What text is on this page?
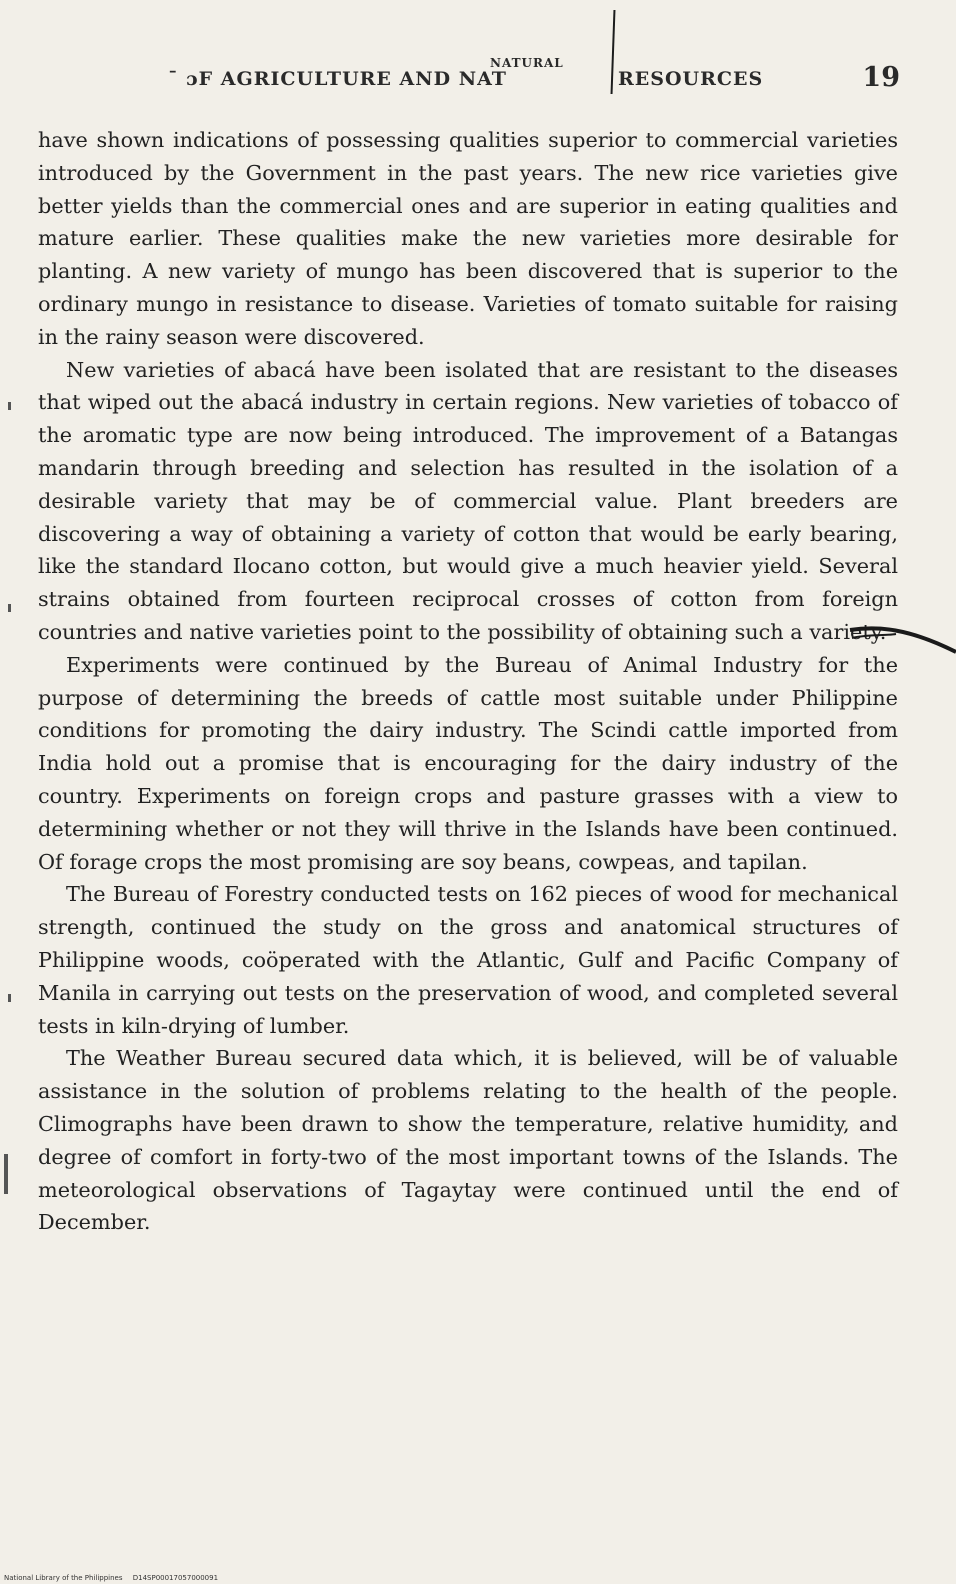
ˉ ɔF AGRICULTURE AND NAT
NATURAL
RESOURCES	19

have shown indications of possessing qualities superior to commercial varieties introduced by the Government in the past years. The new rice varieties give better yields than the commercial ones and are superior in eating qualities and mature earlier. These qualities make the new varieties more desirable for planting. A new variety of mungo has been discovered that is superior to the ordinary mungo in resistance to disease. Varieties of tomato suitable for raising in the rainy season were discovered.

New varieties of abacá have been isolated that are resistant to the diseases that wiped out the abacá industry in certain regions. New varieties of tobacco of the aromatic type are now being introduced. The improvement of a Batangas mandarin through breeding and selection has resulted in the isolation of a desirable variety that may be of commercial value. Plant breeders are discovering a way of obtaining a variety of cotton that would be early bearing, like the standard Ilocano cotton, but would give a much heavier yield. Several strains obtained from fourteen reciprocal crosses of cotton from foreign countries and native varieties point to the possibility of obtaining such a variety.

Experiments were continued by the Bureau of Animal Industry for the purpose of determining the breeds of cattle most suitable under Philippine conditions for promoting the dairy industry. The Scindi cattle imported from India hold out a promise that is encouraging for the dairy industry of the country. Experiments on foreign crops and pasture grasses with a view to determining whether or not they will thrive in the Islands have been continued. Of forage crops the most promising are soy beans, cowpeas, and tapilan.

The Bureau of Forestry conducted tests on 162 pieces of wood for mechanical strength, continued the study on the gross and anatomical structures of Philippine woods, coöperated with the Atlantic, Gulf and Pacific Company of Manila in carrying out tests on the preservation of wood, and completed several tests in kiln-drying of lumber.

The Weather Bureau secured data which, it is believed, will be of valuable assistance in the solution of problems relating to the health of the people. Climographs have been drawn to show the temperature, relative humidity, and degree of comfort in forty-two of the most important towns of the Islands. The meteorological observations of Tagaytay were continued until the end of December.

National Library of the Philippines D14SP00017057000091
